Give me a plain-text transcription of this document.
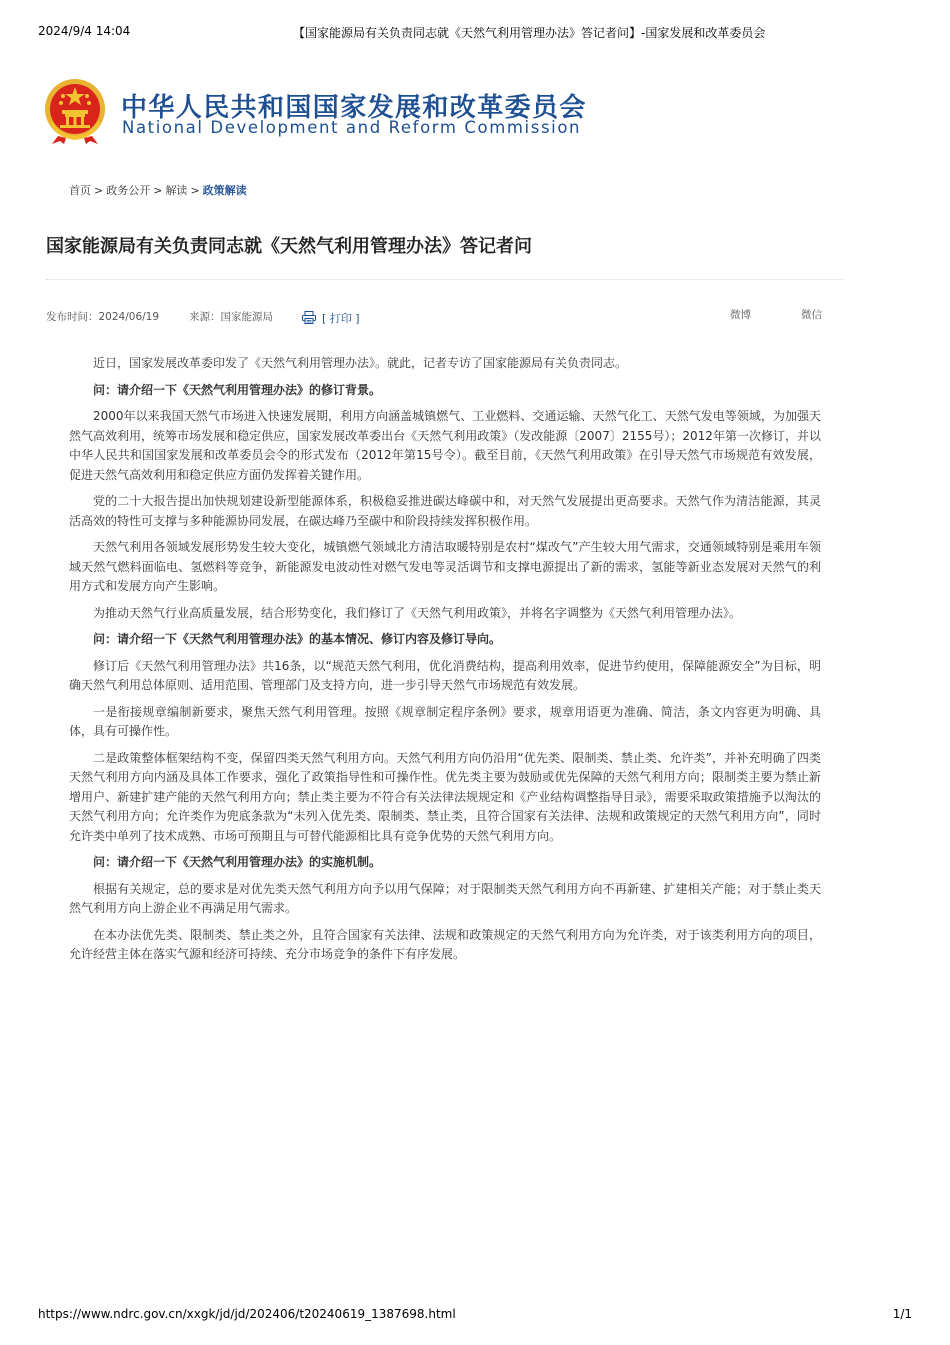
2024/9/4 14:04	【国家能源局有关负责同志就《天然气利用管理办法》答记者问】-国家发展和改革委员会
中华人民共和国国家发展和改革委员会
National Development and Reform Commission
首页 > 政务公开 > 解读 > 政策解读
国家能源局有关负责同志就《天然气利用管理办法》答记者问
发布时间：2024/06/19	来源：国家能源局	[ 打印 ]	微博	微信

近日，国家发展改革委印发了《天然气利用管理办法》。就此，记者专访了国家能源局有关负责同志。

问：请介绍一下《天然气利用管理办法》的修订背景。

2000年以来我国天然气市场进入快速发展期，利用方向涵盖城镇燃气、工业燃料、交通运输、天然气化工、天然气发电等领域，为加强天然气高效利用，统筹市场发展和稳定供应，国家发展改革委出台《天然气利用政策》（发改能源〔2007〕2155号）；2012年第一次修订，并以中华人民共和国国家发展和改革委员会令的形式发布（2012年第15号令）。截至目前，《天然气利用政策》在引导天然气市场规范有效发展，促进天然气高效利用和稳定供应方面仍发挥着关键作用。

党的二十大报告提出加快规划建设新型能源体系，积极稳妥推进碳达峰碳中和，对天然气发展提出更高要求。天然气作为清洁能源，其灵活高效的特性可支撑与多种能源协同发展，在碳达峰乃至碳中和阶段持续发挥积极作用。

天然气利用各领域发展形势发生较大变化，城镇燃气领域北方清洁取暖特别是农村“煤改气”产生较大用气需求，交通领域特别是乘用车领域天然气燃料面临电、氢燃料等竞争，新能源发电波动性对燃气发电等灵活调节和支撑电源提出了新的需求，氢能等新业态发展对天然气的利用方式和发展方向产生影响。

为推动天然气行业高质量发展，结合形势变化，我们修订了《天然气利用政策》，并将名字调整为《天然气利用管理办法》。

问：请介绍一下《天然气利用管理办法》的基本情况、修订内容及修订导向。

修订后《天然气利用管理办法》共16条，以“规范天然气利用，优化消费结构，提高利用效率，促进节约使用，保障能源安全”为目标，明确天然气利用总体原则、适用范围、管理部门及支持方向，进一步引导天然气市场规范有效发展。

一是衔接规章编制新要求，聚焦天然气利用管理。按照《规章制定程序条例》要求，规章用语更为准确、简洁，条文内容更为明确、具体，具有可操作性。

二是政策整体框架结构不变，保留四类天然气利用方向。天然气利用方向仍沿用“优先类、限制类、禁止类、允许类”，并补充明确了四类天然气利用方向内涵及具体工作要求，强化了政策指导性和可操作性。优先类主要为鼓励或优先保障的天然气利用方向；限制类主要为禁止新增用户、新建扩建产能的天然气利用方向；禁止类主要为不符合有关法律法规规定和《产业结构调整指导目录》，需要采取政策措施予以淘汰的天然气利用方向；允许类作为兜底条款为“未列入优先类、限制类、禁止类，且符合国家有关法律、法规和政策规定的天然气利用方向”，同时允许类中单列了技术成熟、市场可预期且与可替代能源相比具有竞争优势的天然气利用方向。

问：请介绍一下《天然气利用管理办法》的实施机制。

根据有关规定，总的要求是对优先类天然气利用方向予以用气保障；对于限制类天然气利用方向不再新建、扩建相关产能；对于禁止类天然气利用方向上游企业不再满足用气需求。

在本办法优先类、限制类、禁止类之外，且符合国家有关法律、法规和政策规定的天然气利用方向为允许类，对于该类利用方向的项目，允许经营主体在落实气源和经济可持续、充分市场竞争的条件下有序发展。

https://www.ndrc.gov.cn/xxgk/jd/jd/202406/t20240619_1387698.html	1/1
